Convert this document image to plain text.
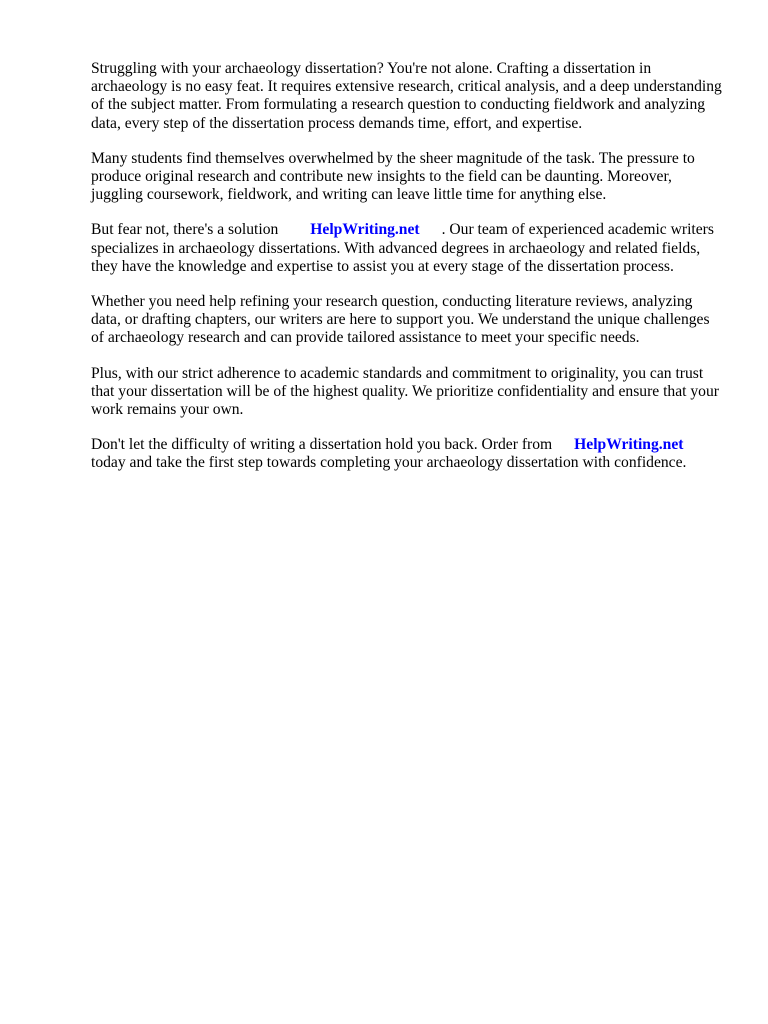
Struggling with your archaeology dissertation? You're not alone. Crafting a dissertation in
archaeology is no easy feat. It requires extensive research, critical analysis, and a deep understanding
of the subject matter. From formulating a research question to conducting fieldwork and analyzing
data, every step of the dissertation process demands time, effort, and expertise.

Many students find themselves overwhelmed by the sheer magnitude of the task. The pressure to
produce original research and contribute new insights to the field can be daunting. Moreover,
juggling coursework, fieldwork, and writing can leave little time for anything else.

But fear not, there's a solution HelpWriting.net . Our team of experienced academic writers
specializes in archaeology dissertations. With advanced degrees in archaeology and related fields,
they have the knowledge and expertise to assist you at every stage of the dissertation process.

Whether you need help refining your research question, conducting literature reviews, analyzing
data, or drafting chapters, our writers are here to support you. We understand the unique challenges
of archaeology research and can provide tailored assistance to meet your specific needs.

Plus, with our strict adherence to academic standards and commitment to originality, you can trust
that your dissertation will be of the highest quality. We prioritize confidentiality and ensure that your
work remains your own.

Don't let the difficulty of writing a dissertation hold you back. Order from HelpWriting.net
today and take the first step towards completing your archaeology dissertation with confidence.
